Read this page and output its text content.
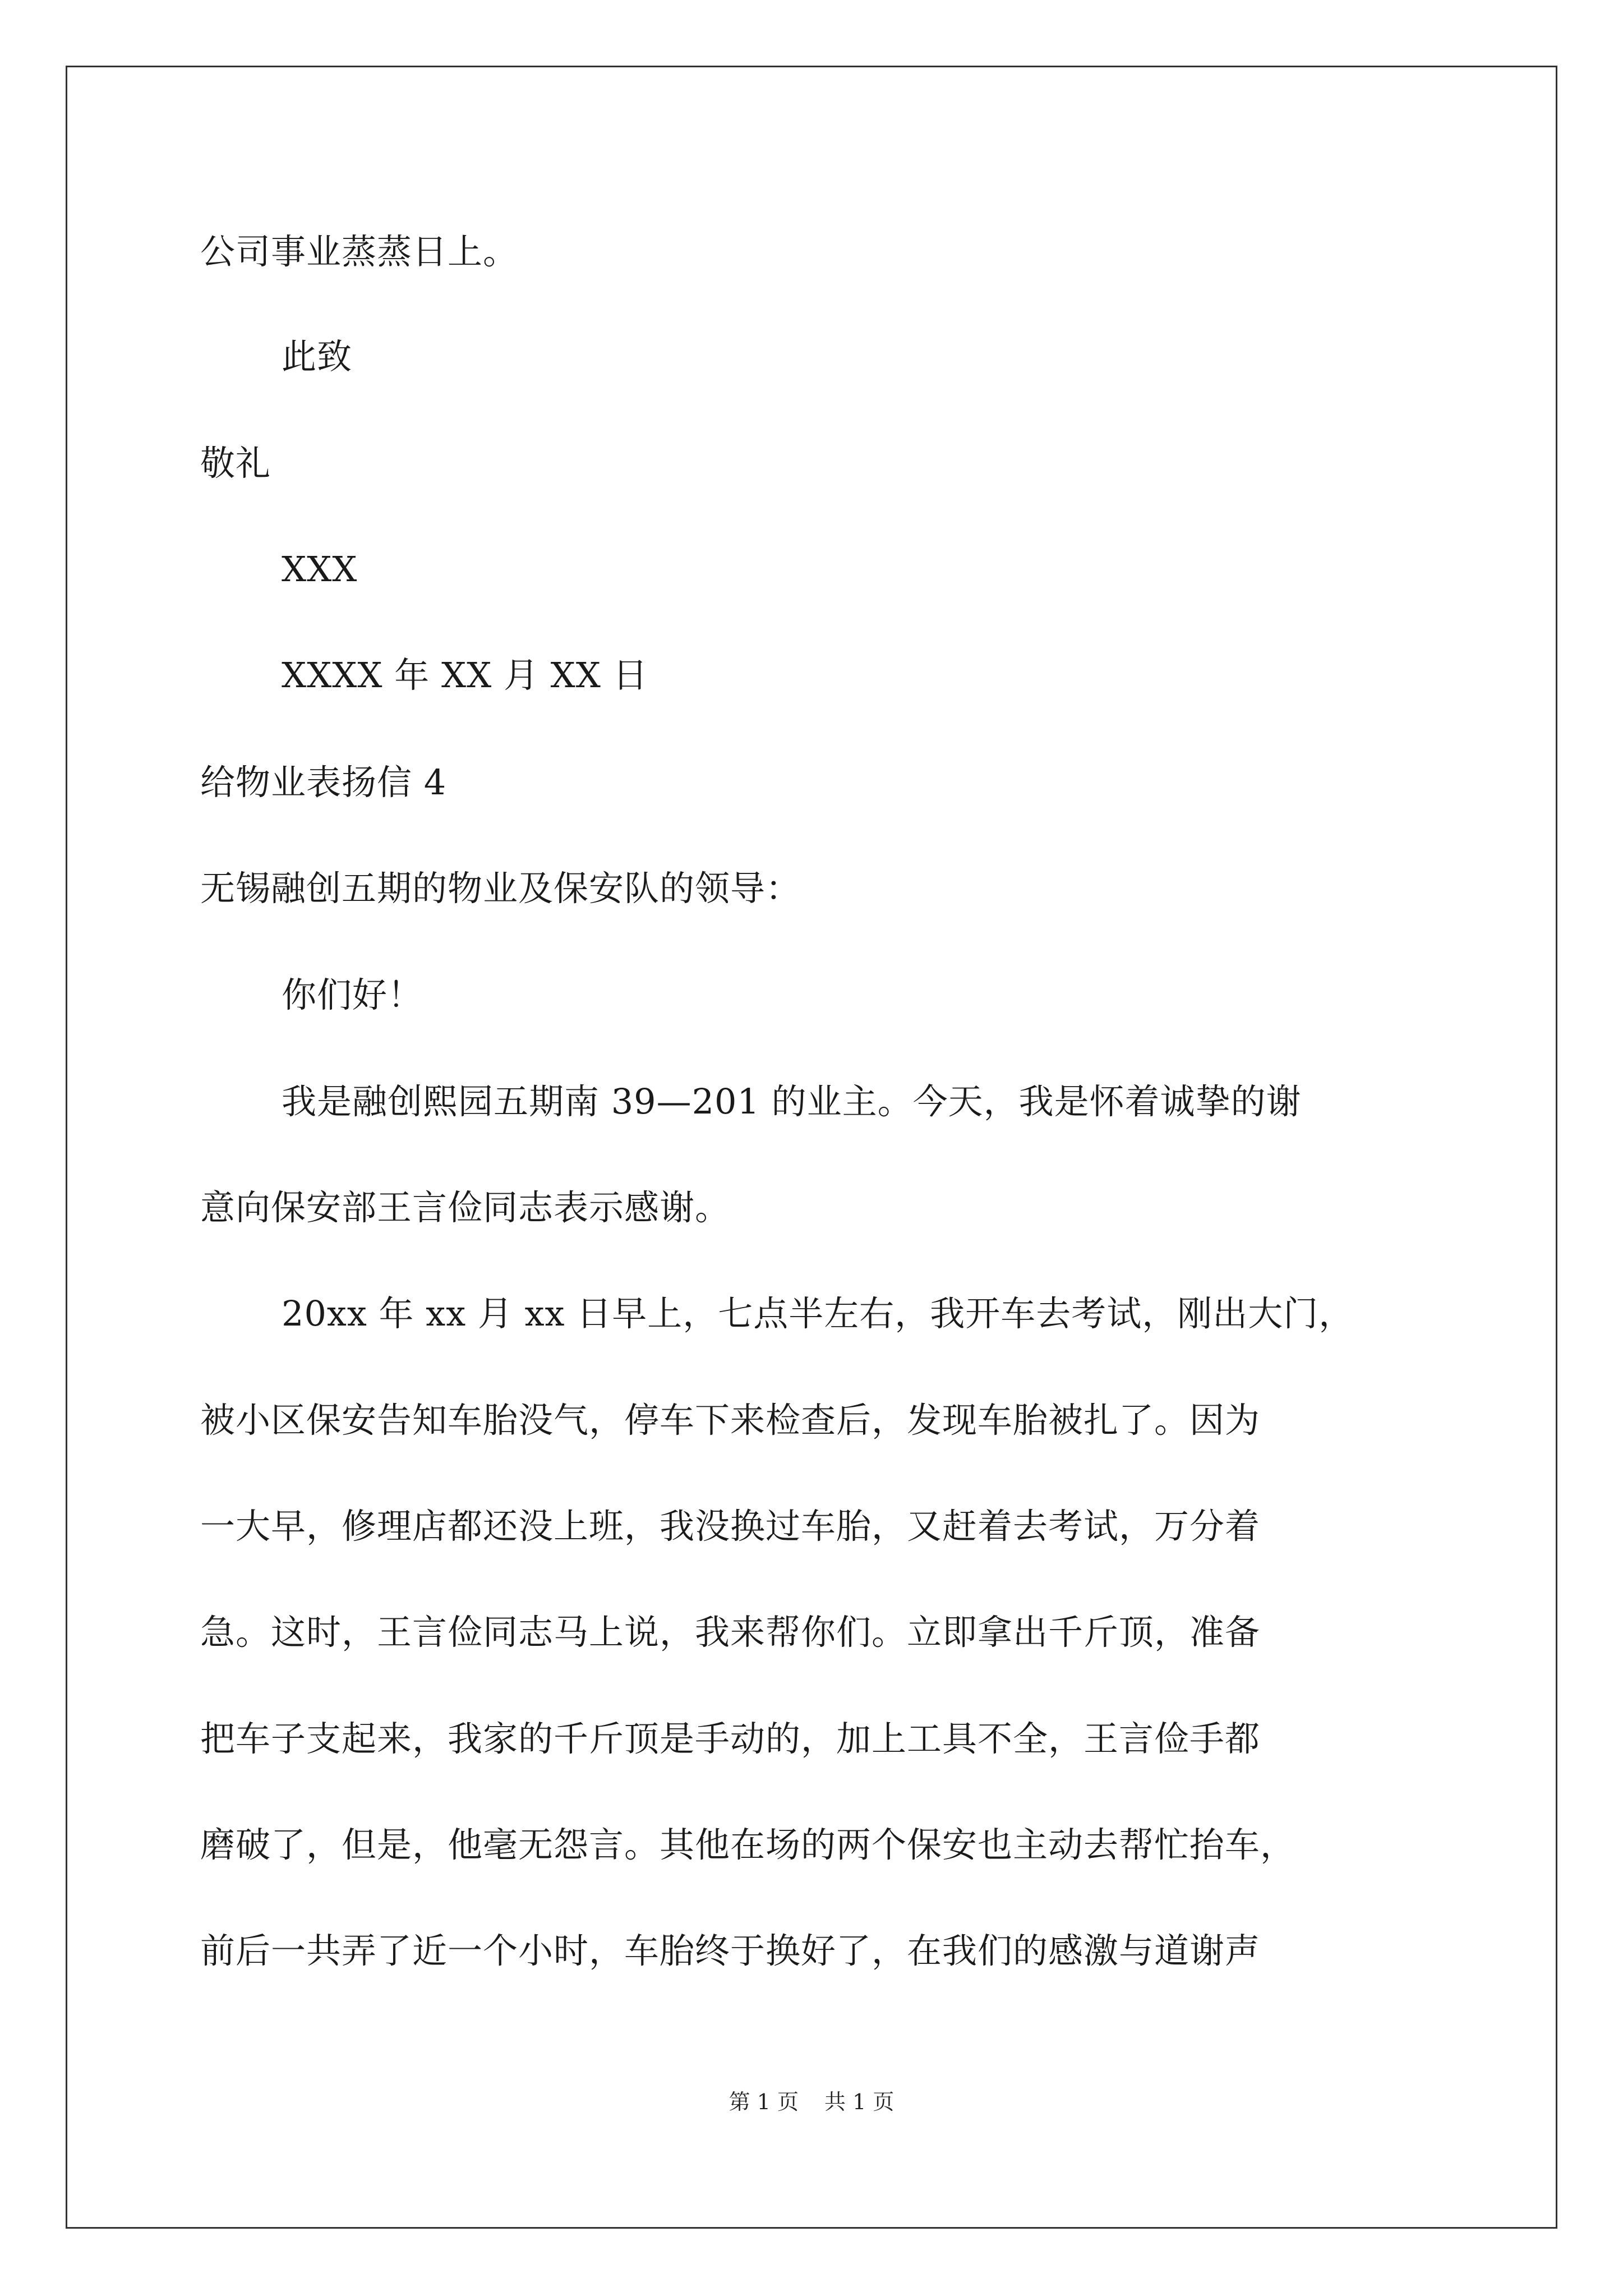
公司事业蒸蒸日上。
此致
敬礼
XXX
XXXX 年 XX 月 XX 日
给物业表扬信 4
无锡融创五期的物业及保安队的领导：
你们好！
我是融创熙园五期南 39—201 的业主。今天，我是怀着诚挚的谢
意向保安部王言俭同志表示感谢。
20xx 年 xx 月 xx 日早上，七点半左右，我开车去考试，刚出大门，
被小区保安告知车胎没气，停车下来检查后，发现车胎被扎了。因为
一大早，修理店都还没上班，我没换过车胎，又赶着去考试，万分着
急。这时，王言俭同志马上说，我来帮你们。立即拿出千斤顶，准备
把车子支起来，我家的千斤顶是手动的，加上工具不全，王言俭手都
磨破了，但是，他毫无怨言。其他在场的两个保安也主动去帮忙抬车，
前后一共弄了近一个小时，车胎终于换好了，在我们的感激与道谢声
第 1 页 共 1 页
